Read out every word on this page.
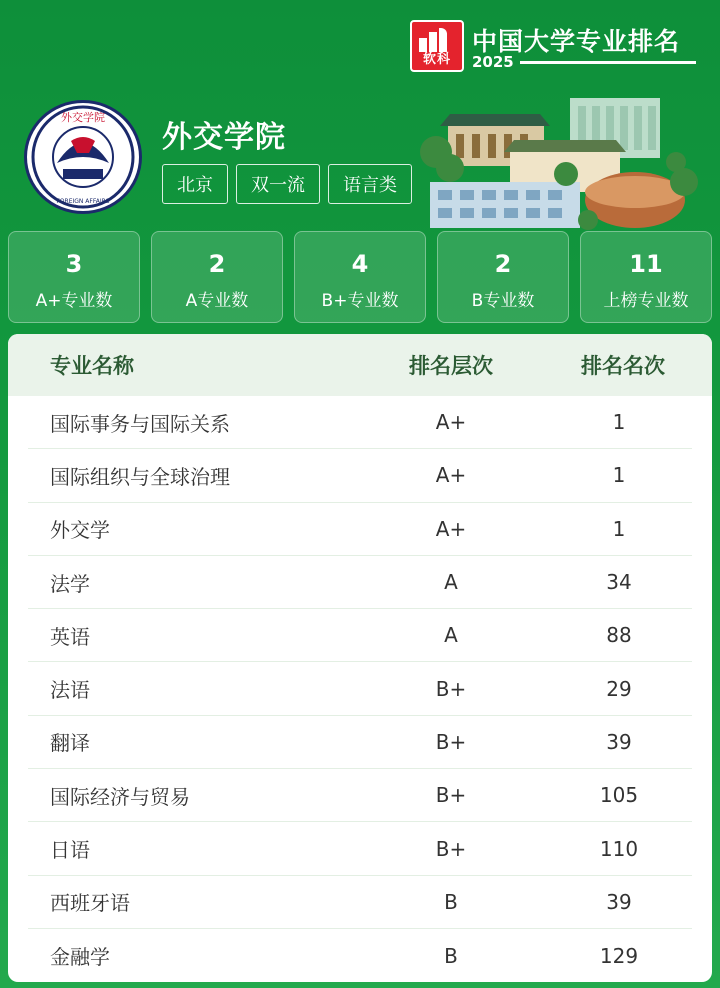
软科
中国大学专业排名
2025
外交学院
FOREIGN AFFAIRS
外交学院
北京	双一流	语言类
3
A+专业数
2
A专业数
4
B+专业数
2
B专业数
11
上榜专业数
专业名称	排名层次	排名名次
国际事务与国际关系	A+	1
国际组织与全球治理	A+	1
外交学	A+	1
法学	A	34
英语	A	88
法语	B+	29
翻译	B+	39
国际经济与贸易	B+	105
日语	B+	110
西班牙语	B	39
金融学	B	129
